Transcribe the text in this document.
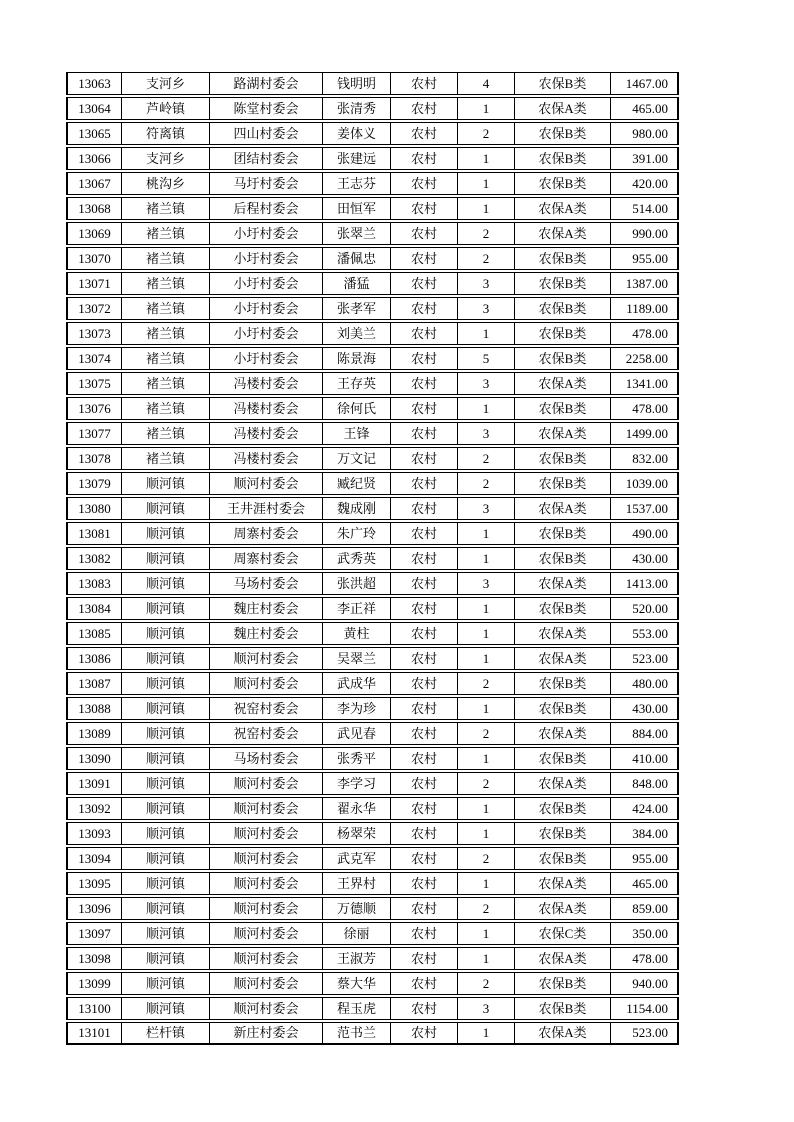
13063	支河乡	路湖村委会	钱明明	农村	4	农保B类	1467.00
13064	芦岭镇	陈堂村委会	张清秀	农村	1	农保A类	465.00
13065	符离镇	四山村委会	姜体义	农村	2	农保B类	980.00
13066	支河乡	团结村委会	张建远	农村	1	农保B类	391.00
13067	桃沟乡	马圩村委会	王志芬	农村	1	农保B类	420.00
13068	褚兰镇	后程村委会	田恒军	农村	1	农保A类	514.00
13069	褚兰镇	小圩村委会	张翠兰	农村	2	农保A类	990.00
13070	褚兰镇	小圩村委会	潘佩忠	农村	2	农保B类	955.00
13071	褚兰镇	小圩村委会	潘猛	农村	3	农保B类	1387.00
13072	褚兰镇	小圩村委会	张孝军	农村	3	农保B类	1189.00
13073	褚兰镇	小圩村委会	刘美兰	农村	1	农保B类	478.00
13074	褚兰镇	小圩村委会	陈景海	农村	5	农保B类	2258.00
13075	褚兰镇	冯楼村委会	王存英	农村	3	农保A类	1341.00
13076	褚兰镇	冯楼村委会	徐何氏	农村	1	农保B类	478.00
13077	褚兰镇	冯楼村委会	王锋	农村	3	农保A类	1499.00
13078	褚兰镇	冯楼村委会	万文记	农村	2	农保B类	832.00
13079	顺河镇	顺河村委会	臧纪贤	农村	2	农保B类	1039.00
13080	顺河镇	王井涯村委会	魏成刚	农村	3	农保A类	1537.00
13081	顺河镇	周寨村委会	朱广玲	农村	1	农保B类	490.00
13082	顺河镇	周寨村委会	武秀英	农村	1	农保B类	430.00
13083	顺河镇	马场村委会	张洪超	农村	3	农保A类	1413.00
13084	顺河镇	魏庄村委会	李正祥	农村	1	农保B类	520.00
13085	顺河镇	魏庄村委会	黄柱	农村	1	农保A类	553.00
13086	顺河镇	顺河村委会	吴翠兰	农村	1	农保A类	523.00
13087	顺河镇	顺河村委会	武成华	农村	2	农保B类	480.00
13088	顺河镇	祝窑村委会	李为珍	农村	1	农保B类	430.00
13089	顺河镇	祝窑村委会	武见春	农村	2	农保A类	884.00
13090	顺河镇	马场村委会	张秀平	农村	1	农保B类	410.00
13091	顺河镇	顺河村委会	李学习	农村	2	农保A类	848.00
13092	顺河镇	顺河村委会	翟永华	农村	1	农保B类	424.00
13093	顺河镇	顺河村委会	杨翠荣	农村	1	农保B类	384.00
13094	顺河镇	顺河村委会	武克军	农村	2	农保B类	955.00
13095	顺河镇	顺河村委会	王界村	农村	1	农保A类	465.00
13096	顺河镇	顺河村委会	万德顺	农村	2	农保A类	859.00
13097	顺河镇	顺河村委会	徐丽	农村	1	农保C类	350.00
13098	顺河镇	顺河村委会	王淑芳	农村	1	农保A类	478.00
13099	顺河镇	顺河村委会	蔡大华	农村	2	农保B类	940.00
13100	顺河镇	顺河村委会	程玉虎	农村	3	农保B类	1154.00
13101	栏杆镇	新庄村委会	范书兰	农村	1	农保A类	523.00
